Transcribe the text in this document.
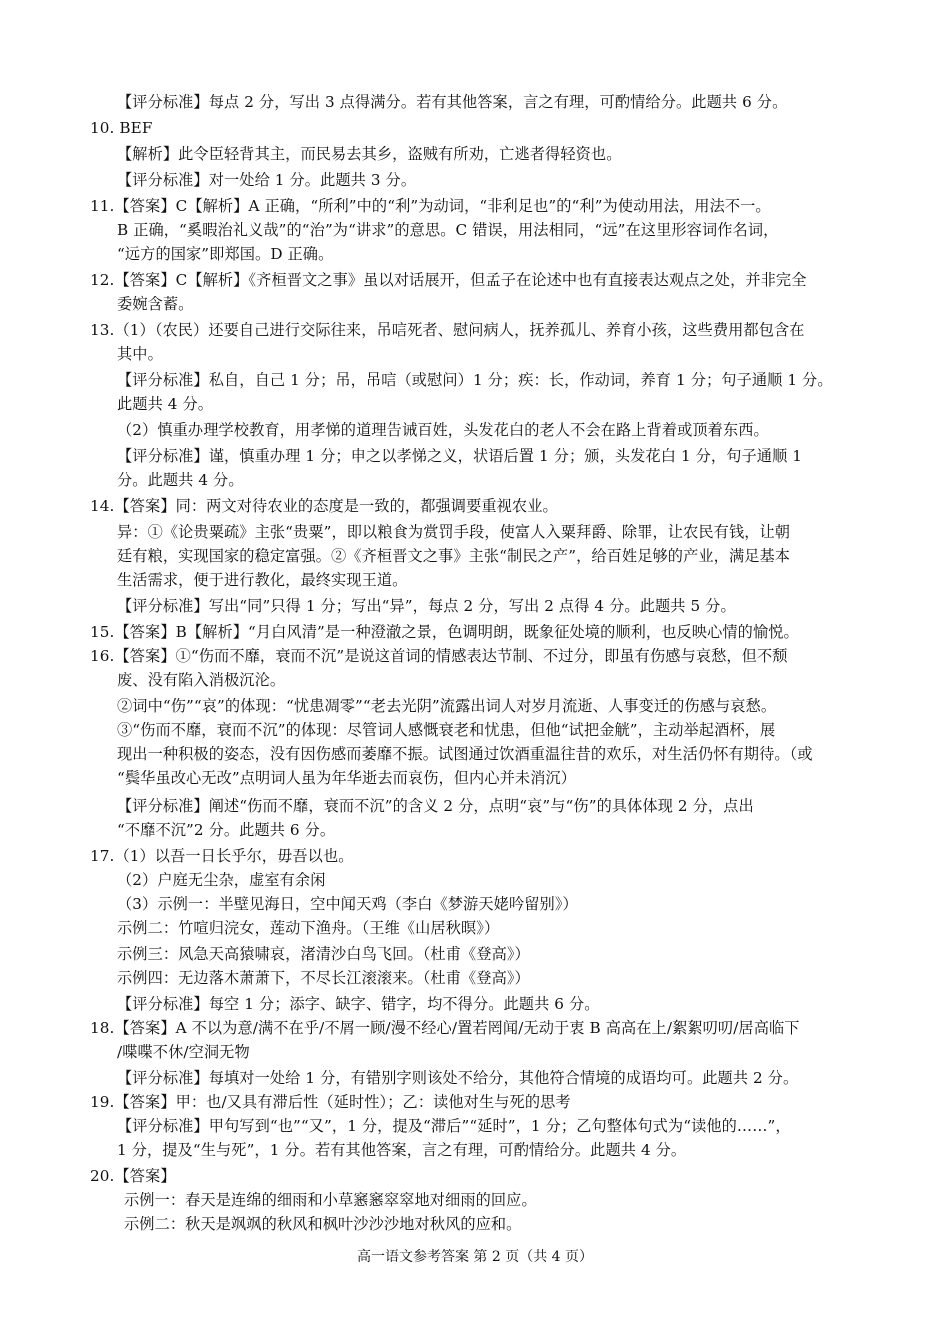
【评分标准】每点 2 分，写出 3 点得满分。若有其他答案，言之有理，可酌情给分。此题共 6 分。
10. BEF
【解析】此令臣轻背其主，而民易去其乡，盗贼有所劝，亡逃者得轻资也。
【评分标准】对一处给 1 分。此题共 3 分。
11.【答案】C【解析】A 正确，“所利”中的“利”为动词，“非利足也”的“利”为使动用法，用法不一。
B 正确，“奚暇治礼义哉”的“治”为“讲求”的意思。C 错误，用法相同，“远”在这里形容词作名词，
“远方的国家”即郑国。D 正确。
12.【答案】C【解析】《齐桓晋文之事》虽以对话展开，但孟子在论述中也有直接表达观点之处，并非完全
委婉含蓄。
13.（1）（农民）还要自己进行交际往来，吊唁死者、慰问病人，抚养孤儿、养育小孩，这些费用都包含在
其中。
【评分标准】私自，自己 1 分；吊，吊唁（或慰问）1 分；疾：长，作动词，养育 1 分；句子通顺 1 分。
此题共 4 分。
（2）慎重办理学校教育，用孝悌的道理告诫百姓，头发花白的老人不会在路上背着或顶着东西。
【评分标准】谨，慎重办理 1 分；申之以孝悌之义，状语后置 1 分；颁，头发花白 1 分，句子通顺 1
分。此题共 4 分。
14.【答案】同：两文对待农业的态度是一致的，都强调要重视农业。
异：①《论贵粟疏》主张“贵粟”，即以粮食为赏罚手段，使富人入粟拜爵、除罪，让农民有钱，让朝
廷有粮，实现国家的稳定富强。②《齐桓晋文之事》主张“制民之产”，给百姓足够的产业，满足基本
生活需求，便于进行教化，最终实现王道。
【评分标准】写出“同”只得 1 分；写出“异”，每点 2 分，写出 2 点得 4 分。此题共 5 分。
15.【答案】B【解析】“月白风清”是一种澄澈之景，色调明朗，既象征处境的顺利，也反映心情的愉悦。
16.【答案】①“伤而不靡，衰而不沉”是说这首词的情感表达节制、不过分，即虽有伤感与哀愁，但不颓
废、没有陷入消极沉沦。
②词中“伤”“哀”的体现：“忧患凋零”“老去光阴”流露出词人对岁月流逝、人事变迁的伤感与哀愁。
③“伤而不靡，衰而不沉”的体现：尽管词人感慨衰老和忧患，但他“试把金觥”，主动举起酒杯，展
现出一种积极的姿态，没有因伤感而萎靡不振。试图通过饮酒重温往昔的欢乐，对生活仍怀有期待。（或
“鬓华虽改心无改”点明词人虽为年华逝去而哀伤，但内心并未消沉）
【评分标准】阐述“伤而不靡，衰而不沉”的含义 2 分，点明“哀”与“伤”的具体体现 2 分，点出
“不靡不沉”2 分。此题共 6 分。
17.（1）以吾一日长乎尔，毋吾以也。
（2）户庭无尘杂，虚室有余闲
（3）示例一：半壁见海日，空中闻天鸡（李白《梦游天姥吟留别》）
示例二：竹喧归浣女，莲动下渔舟。（王维《山居秋暝》）
示例三：风急天高猿啸哀，渚清沙白鸟飞回。（杜甫《登高》）
示例四：无边落木萧萧下，不尽长江滚滚来。（杜甫《登高》）
【评分标准】每空 1 分；添字、缺字、错字，均不得分。此题共 6 分。
18.【答案】A 不以为意/满不在乎/不屑一顾/漫不经心/置若罔闻/无动于衷 B 高高在上/絮絮叨叨/居高临下
/喋喋不休/空洞无物
【评分标准】每填对一处给 1 分，有错别字则该处不给分，其他符合情境的成语均可。此题共 2 分。
19.【答案】甲：也/又具有滞后性（延时性）；乙：读他对生与死的思考
【评分标准】甲句写到“也”“又”，1 分，提及“滞后”“延时”，1 分；乙句整体句式为“读他的……”，
1 分，提及“生与死”，1 分。若有其他答案，言之有理，可酌情给分。此题共 4 分。
20.【答案】
示例一：春天是连绵的细雨和小草窸窸窣窣地对细雨的回应。
示例二：秋天是飒飒的秋风和枫叶沙沙沙地对秋风的应和。
高一语文参考答案 第 2 页（共 4 页）
